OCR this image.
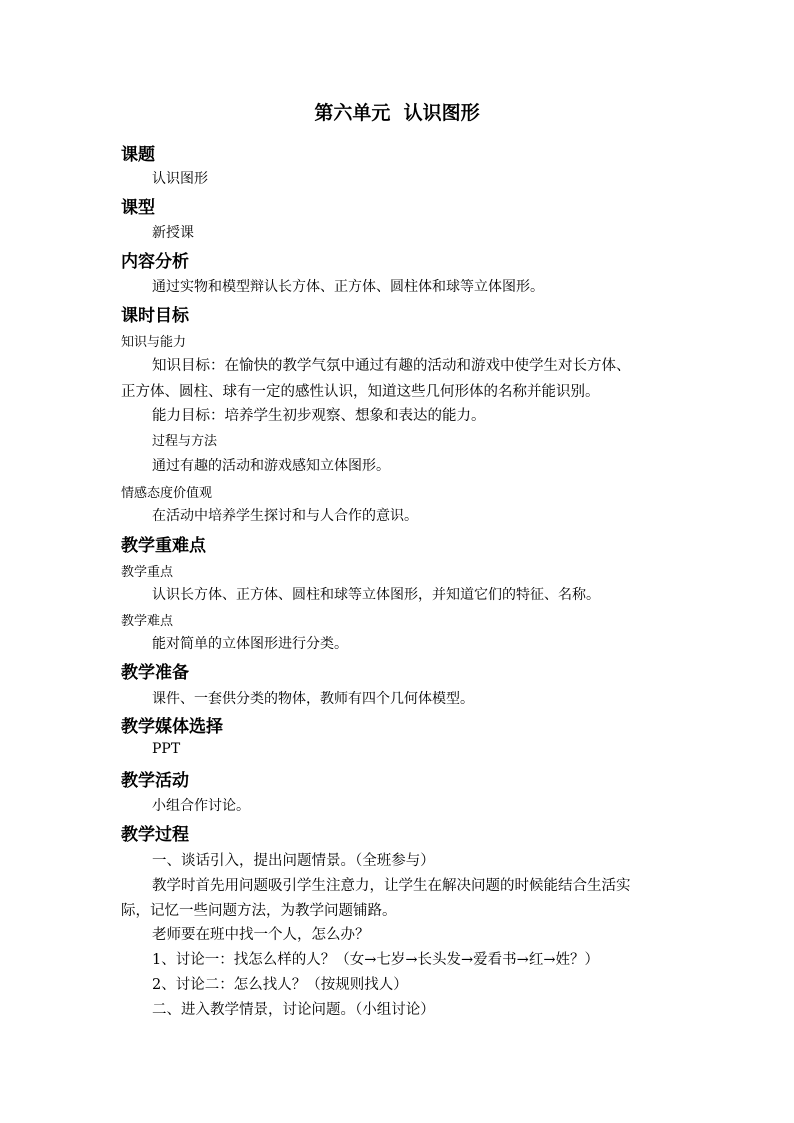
第六单元  认识图形
课题
认识图形
课型
新授课
内容分析
通过实物和模型辩认长方体、正方体、圆柱体和球等立体图形。
课时目标
知识与能力
知识目标：在愉快的教学气氛中通过有趣的活动和游戏中使学生对长方体、
正方体、圆柱、球有一定的感性认识，知道这些几何形体的名称并能识别。
能力目标：培养学生初步观察、想象和表达的能力。
过程与方法
通过有趣的活动和游戏感知立体图形。
情感态度价值观
在活动中培养学生探讨和与人合作的意识。
教学重难点
教学重点
认识长方体、正方体、圆柱和球等立体图形，并知道它们的特征、名称。
教学难点
能对简单的立体图形进行分类。
教学准备
课件、一套供分类的物体，教师有四个几何体模型。
教学媒体选择
PPT
教学活动
小组合作讨论。
教学过程
一、谈话引入，提出问题情景。（全班参与）
教学时首先用问题吸引学生注意力，让学生在解决问题的时候能结合生活实
际，记忆一些问题方法，为教学问题铺路。
老师要在班中找一个人，怎么办？
1、讨论一：找怎么样的人？（女→七岁→长头发→爱看书→红→姓？）
2、讨论二：怎么找人？（按规则找人）
二、进入教学情景，讨论问题。（小组讨论）
